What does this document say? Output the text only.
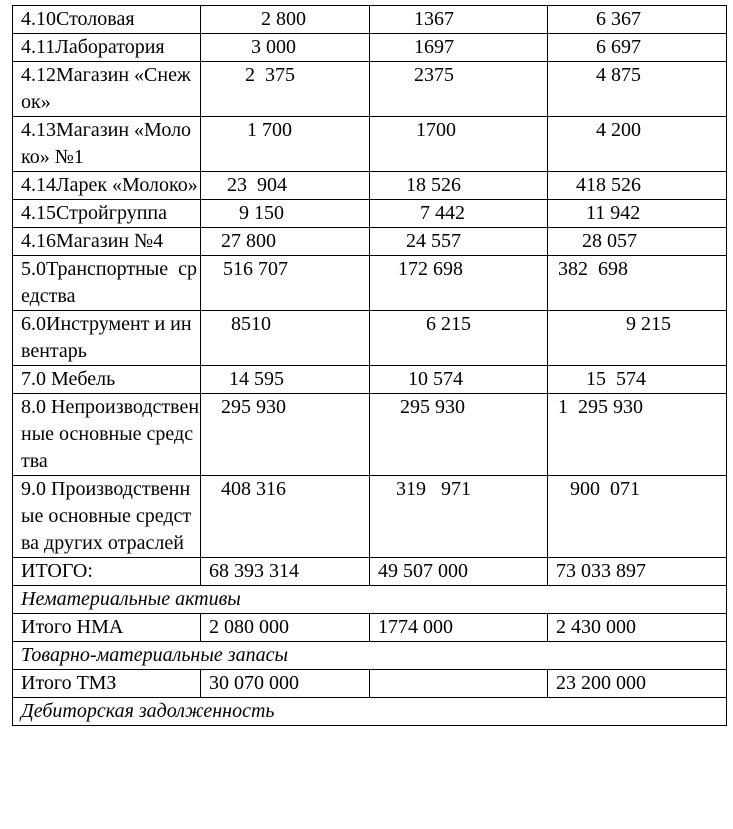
4.10Столовая	2 800	1367	6 367
4.11Лаборатория	3 000	1697	6 697
4.12Магазин «Снежок»	2  375	2375	4 875
4.13Магазин «Молоко» №1	1 700	1700	4 200
4.14Ларек «Молоко»	23  904	18 526	418 526
4.15Стройгруппа	9 150	7 442	11 942
4.16Магазин №4	27 800	24 557	28 057
5.0Транспортные  средства	516 707	172 698	382  698
6.0Инструмент и инвентарь	8510	6 215	9 215
7.0 Мебель	14 595	10 574	15  574
8.0 Непроизводственные основные средства	295 930	295 930	1  295 930
9.0 Производственные основные средства других отраслей	408 316	319   971	900  071
ИТОГО:	68 393 314	49 507 000	73 033 897
Нематериальные активы			
Итого НМА	2 080 000	1774 000	2 430 000
Товарно-материальные запасы			
Итого ТМЗ	30 070 000		23 200 000
Дебиторская задолженность			
